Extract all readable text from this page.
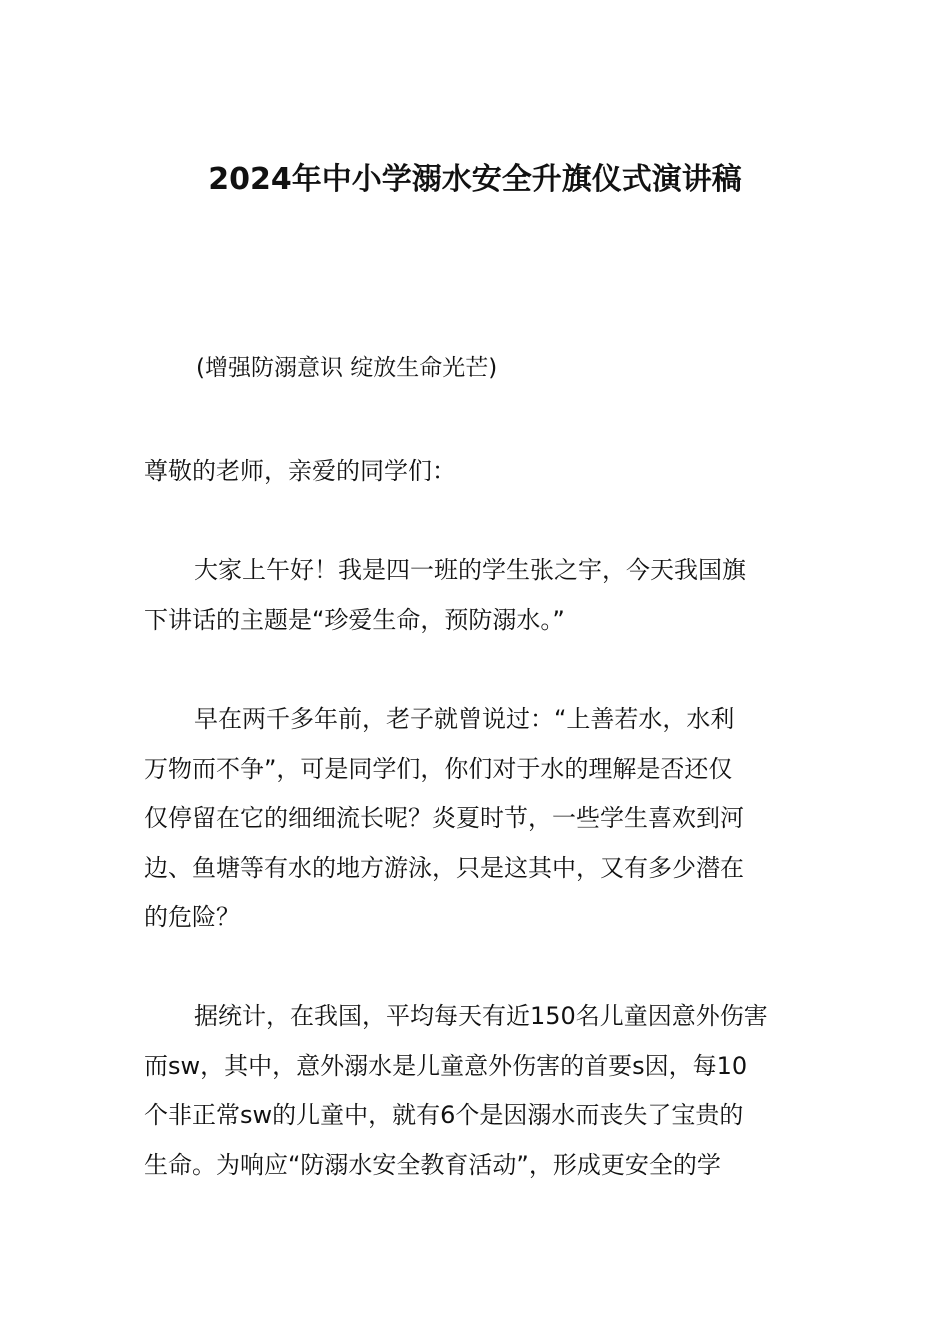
2024年中小学溺水安全升旗仪式演讲稿
(增强防溺意识 绽放生命光芒)
尊敬的老师，亲爱的同学们：
大家上午好！我是四一班的学生张之宇，今天我国旗
下讲话的主题是“珍爱生命，预防溺水。”
早在两千多年前，老子就曾说过：“上善若水，水利
万物而不争”，可是同学们，你们对于水的理解是否还仅
仅停留在它的细细流长呢？炎夏时节，一些学生喜欢到河
边、鱼塘等有水的地方游泳，只是这其中，又有多少潜在
的危险？
据统计，在我国，平均每天有近150名儿童因意外伤害
而sw，其中，意外溺水是儿童意外伤害的首要s因，每10
个非正常sw的儿童中，就有6个是因溺水而丧失了宝贵的
生命。为响应“防溺水安全教育活动”，形成更安全的学
